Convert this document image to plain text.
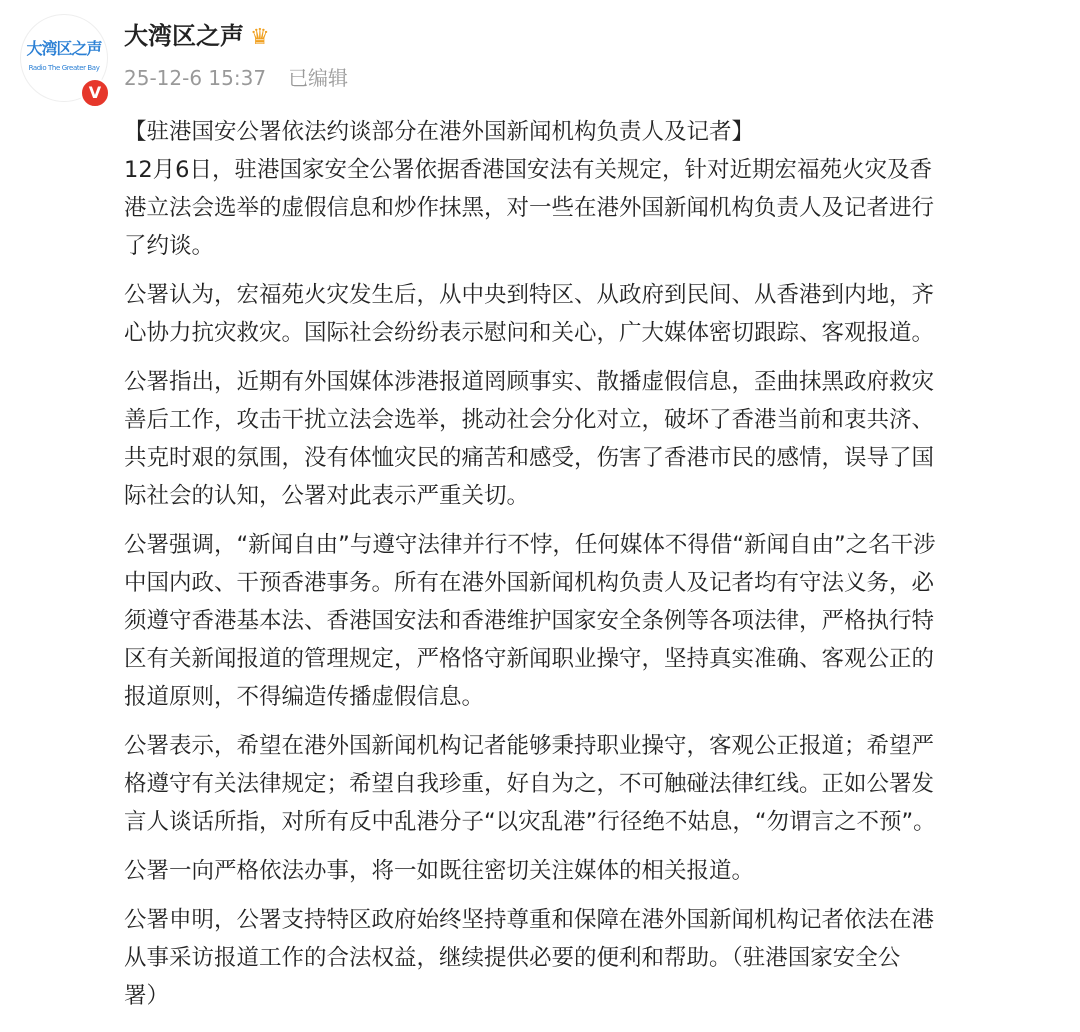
大湾区之声
Radio The Greater Bay
V
大湾区之声 ♛
25-12-6 15:37 已编辑
【驻港国安公署依法约谈部分在港外国新闻机构负责人及记者】
12月6日，驻港国家安全公署依据香港国安法有关规定，针对近期宏福苑火灾及香
港立法会选举的虚假信息和炒作抹黑，对一些在港外国新闻机构负责人及记者进行
了约谈。
公署认为，宏福苑火灾发生后，从中央到特区、从政府到民间、从香港到内地，齐
心协力抗灾救灾。国际社会纷纷表示慰问和关心，广大媒体密切跟踪、客观报道。
公署指出，近期有外国媒体涉港报道罔顾事实、散播虚假信息，歪曲抹黑政府救灾
善后工作，攻击干扰立法会选举，挑动社会分化对立，破坏了香港当前和衷共济、
共克时艰的氛围，没有体恤灾民的痛苦和感受，伤害了香港市民的感情，误导了国
际社会的认知，公署对此表示严重关切。
公署强调，“新闻自由”与遵守法律并行不悖，任何媒体不得借“新闻自由”之名干涉
中国内政、干预香港事务。所有在港外国新闻机构负责人及记者均有守法义务，必
须遵守香港基本法、香港国安法和香港维护国家安全条例等各项法律，严格执行特
区有关新闻报道的管理规定，严格恪守新闻职业操守，坚持真实准确、客观公正的
报道原则，不得编造传播虚假信息。
公署表示，希望在港外国新闻机构记者能够秉持职业操守，客观公正报道；希望严
格遵守有关法律规定；希望自我珍重，好自为之，不可触碰法律红线。正如公署发
言人谈话所指，对所有反中乱港分子“以灾乱港”行径绝不姑息，“勿谓言之不预”。
公署一向严格依法办事，将一如既往密切关注媒体的相关报道。
公署申明，公署支持特区政府始终坚持尊重和保障在港外国新闻机构记者依法在港
从事采访报道工作的合法权益，继续提供必要的便利和帮助。（驻港国家安全公
署）
